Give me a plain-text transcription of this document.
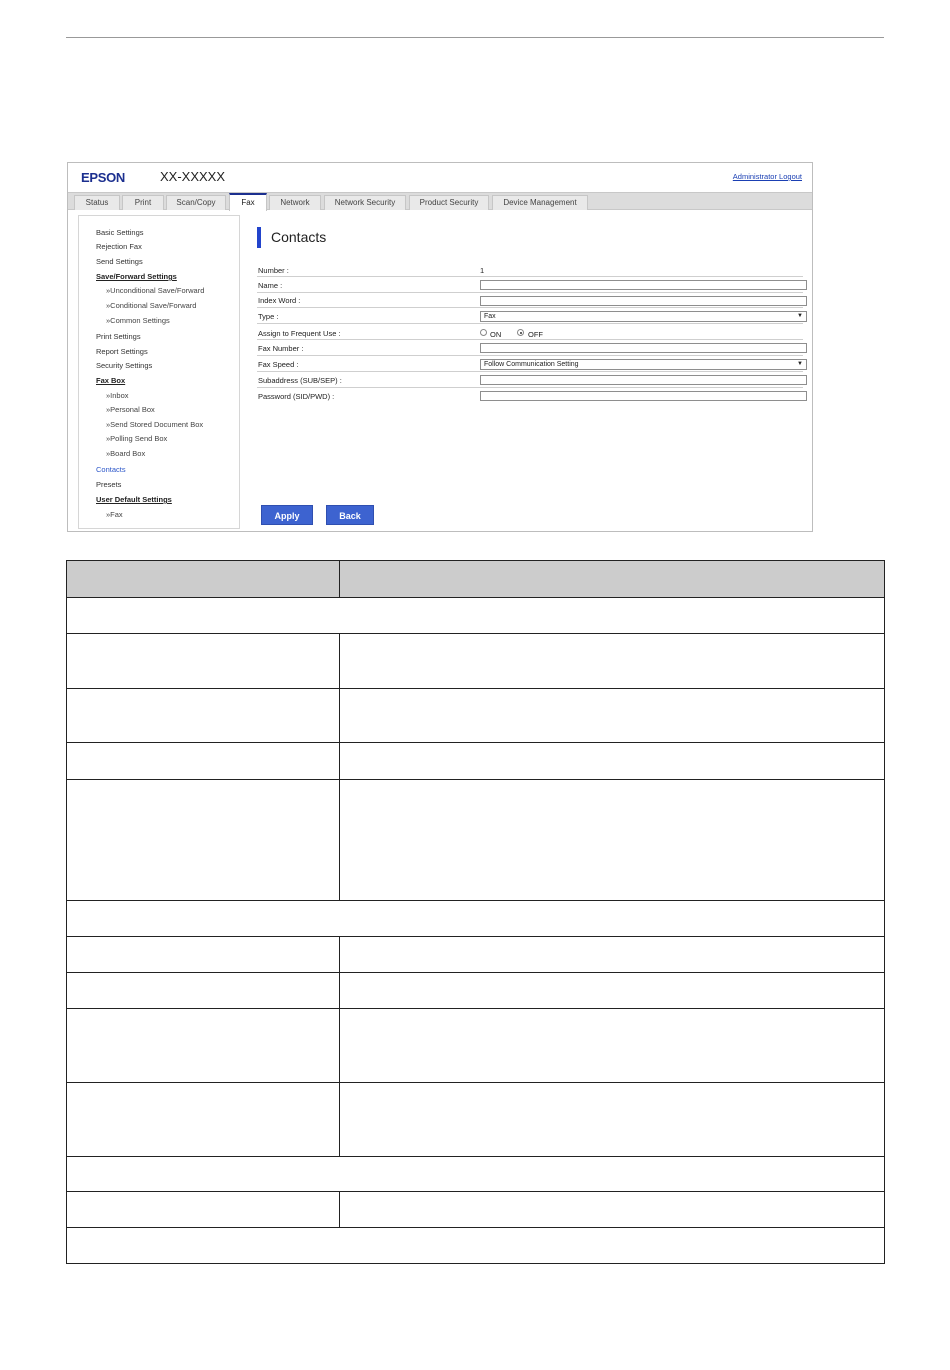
EPSON	XX-XXXXX	Administrator Logout
Status	Print	Scan/Copy	Fax	Network	Network Security	Product Security	Device Management
Basic Settings
Rejection Fax
Send Settings
Save/Forward Settings
»Unconditional Save/Forward
»Conditional Save/Forward
»Common Settings
Print Settings
Report Settings
Security Settings
Fax Box
»Inbox
»Personal Box
»Send Stored Document Box
»Polling Send Box
»Board Box
Contacts
Presets
User Default Settings
»Fax
Contacts
Number :	1
Name :
Index Word :
Type :	Fax	▼
Assign to Frequent Use :	ON	OFF
Fax Number :
Fax Speed :	Follow Communication Setting	▼
Subaddress (SUB/SEP) :
Password (SID/PWD) :
Apply	Back
